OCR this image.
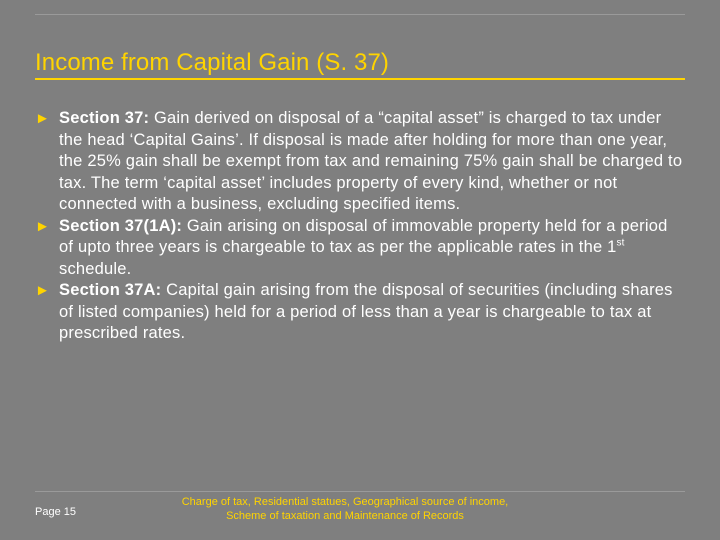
Income from Capital Gain (S. 37)
► Section 37: Gain derived on disposal of a “capital asset” is charged to tax under the head ‘Capital Gains’. If disposal is made after holding for more than one year, the 25% gain shall be exempt from tax and remaining 75% gain shall be charged to tax. The term ‘capital asset’ includes property of every kind, whether or not connected with a business, excluding specified items.
► Section 37(1A): Gain arising on disposal of immovable property held for a period of upto three years is chargeable to tax as per the applicable rates in the 1st schedule.
► Section 37A: Capital gain arising from the disposal of securities (including shares of listed companies) held for a period of less than a year is chargeable to tax at prescribed rates.
Page 15
Charge of tax, Residential statues, Geographical source of income, Scheme of taxation and Maintenance of Records
